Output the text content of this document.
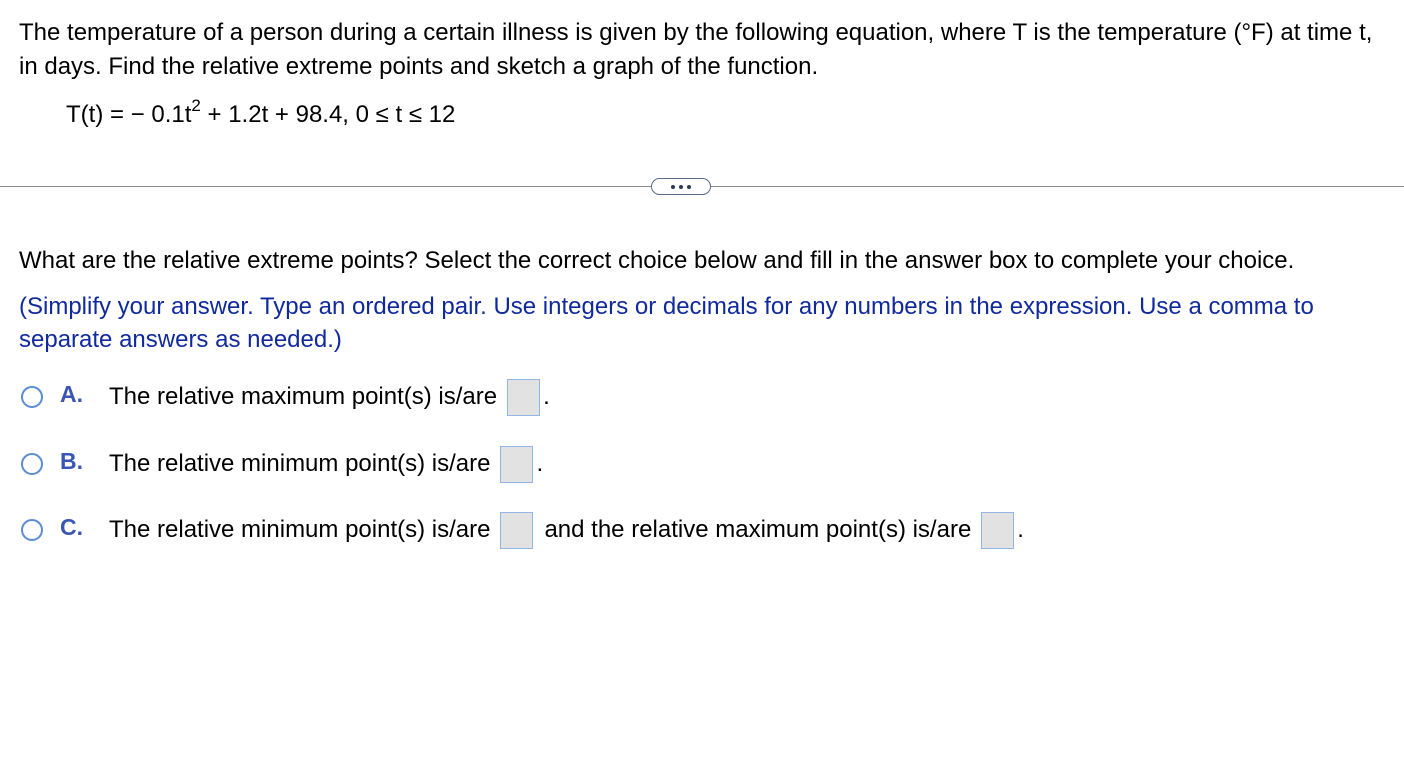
The temperature of a person during a certain illness is given by the following equation, where T is the temperature (°F) at time t, in days. Find the relative extreme points and sketch a graph of the function.
T(t) = − $0.1t^2 + 1.2t + 98.4$, 0 ≤ t ≤ 12
What are the relative extreme points? Select the correct choice below and fill in the answer box to complete your choice.
(Simplify your answer. Type an ordered pair. Use integers or decimals for any numbers in the expression. Use a comma to separate answers as needed.)
A.	The relative maximum point(s) is/are .
B.	The relative minimum point(s) is/are .
C.	The relative minimum point(s) is/are and the relative maximum point(s) is/are .
